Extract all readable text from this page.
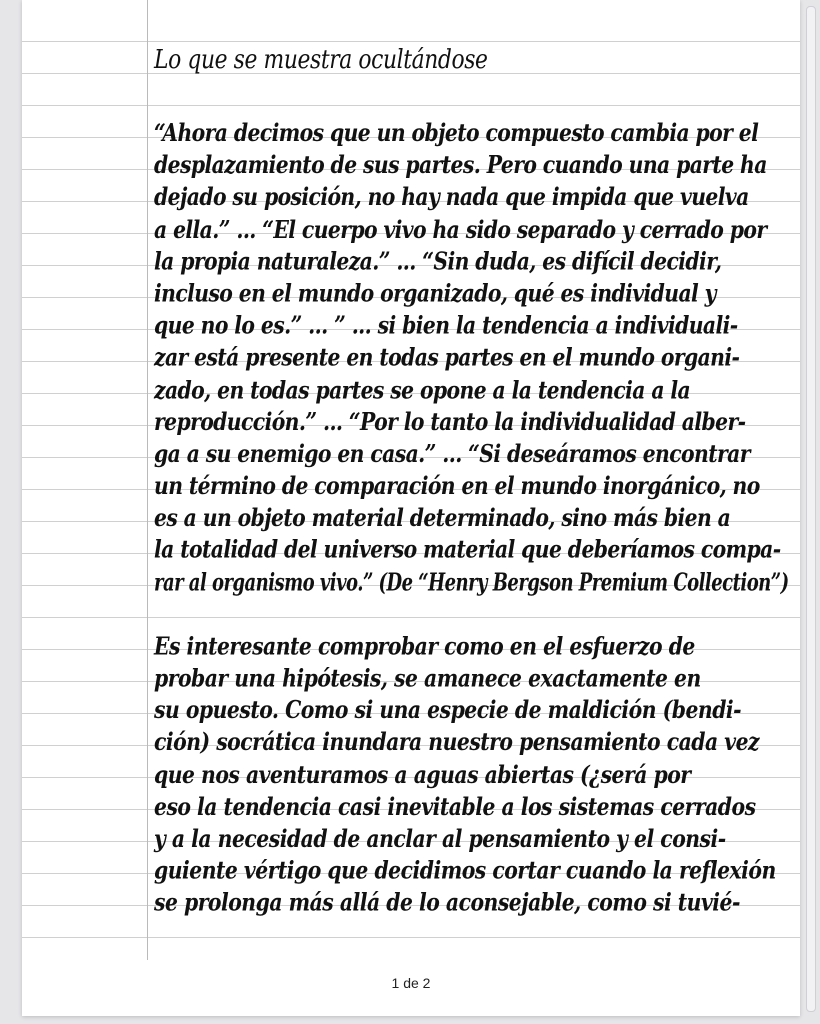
Lo que se muestra ocultándose
“Ahora decimos que un objeto compuesto cambia por el
desplazamiento de sus partes. Pero cuando una parte ha
dejado su posición, no hay nada que impida que vuelva
a ella.” ... “El cuerpo vivo ha sido separado y cerrado por
la propia naturaleza.” ... “Sin duda, es difícil decidir,
incluso en el mundo organizado, qué es individual y
que no lo es.” ... ” ... si bien la tendencia a individuali-
zar está presente en todas partes en el mundo organi-
zado, en todas partes se opone a la tendencia a la
reproducción.” ... “Por lo tanto la individualidad alber-
ga a su enemigo en casa.” ... “Si deseáramos encontrar
un término de comparación en el mundo inorgánico, no
es a un objeto material determinado, sino más bien a
la totalidad del universo material que deberíamos compa-
rar al organismo vivo.” (De “Henry Bergson Premium Collection”)
Es interesante comprobar como en el esfuerzo de
probar una hipótesis, se amanece exactamente en
su opuesto. Como si una especie de maldición (bendi-
ción) socrática inundara nuestro pensamiento cada vez
que nos aventuramos a aguas abiertas (¿será por
eso la tendencia casi inevitable a los sistemas cerrados
y a la necesidad de anclar al pensamiento y el consi-
guiente vértigo que decidimos cortar cuando la reflexión
se prolonga más allá de lo aconsejable, como si tuvié-
1 de 2
